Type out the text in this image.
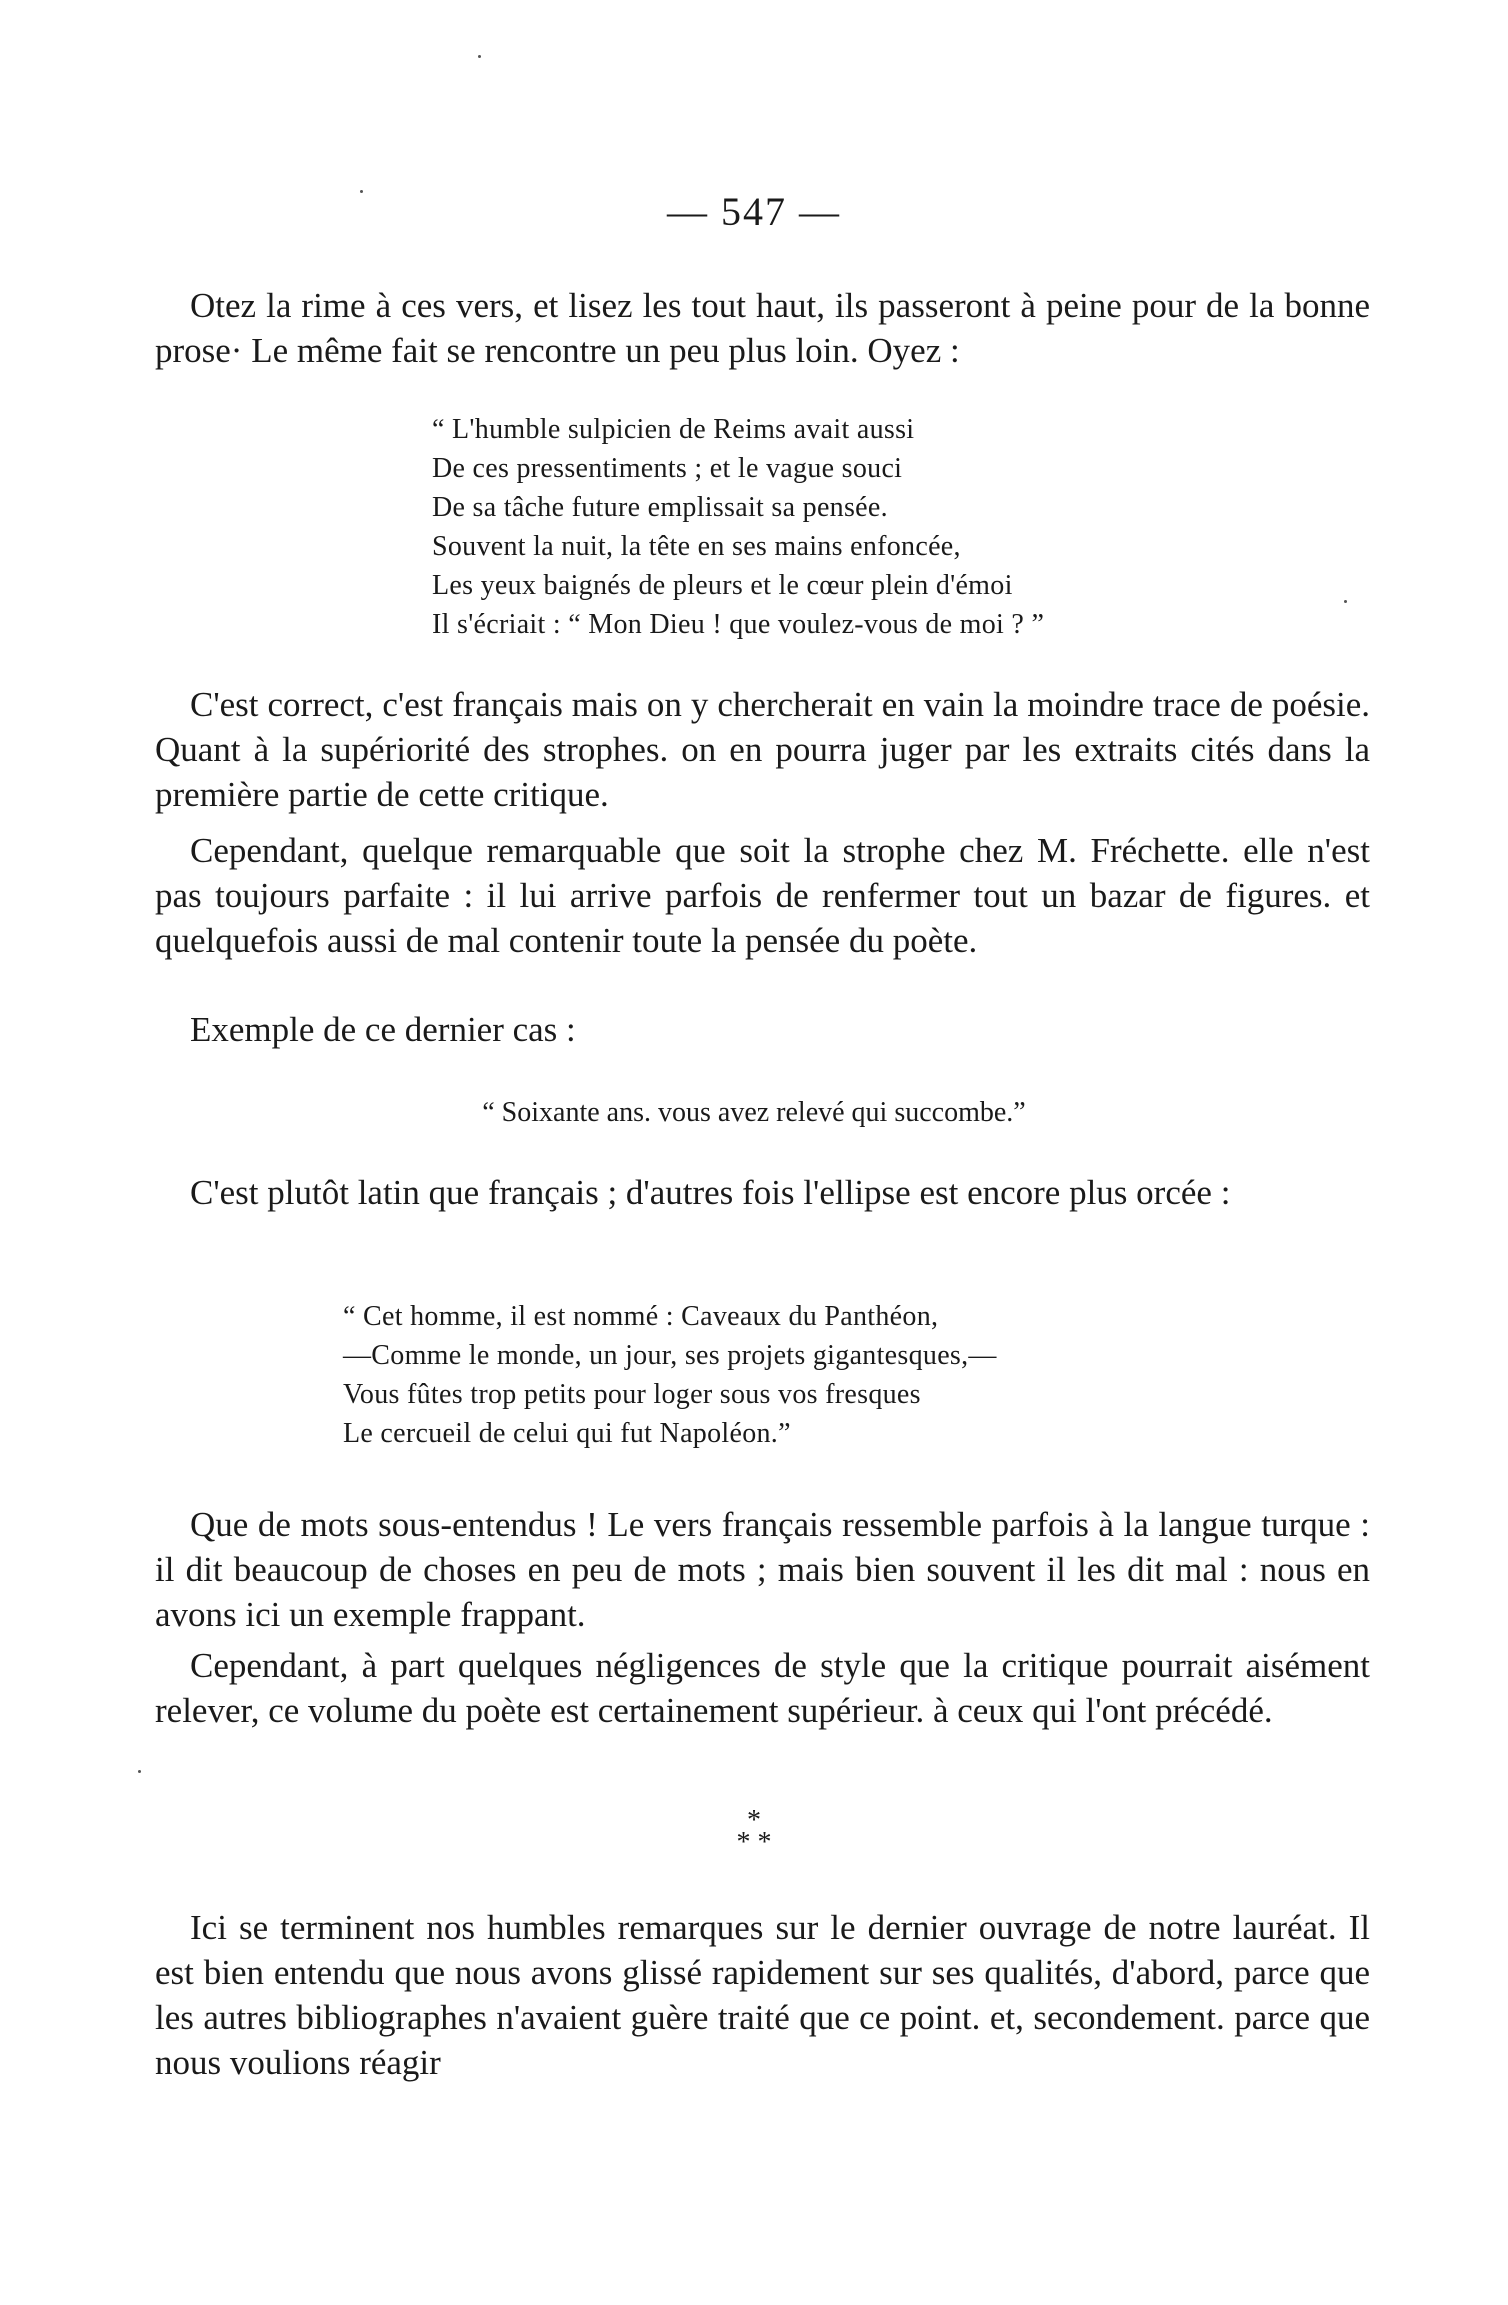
— 547 —

Otez la rime à ces vers, et lisez les tout haut, ils passeront à peine pour de la bonne prose· Le même fait se rencontre un peu plus loin. Oyez :

“ L'humble sulpicien de Reims avait aussi
De ces pressentiments ; et le vague souci
De sa tâche future emplissait sa pensée.
Souvent la nuit, la tête en ses mains enfoncée,
Les yeux baignés de pleurs et le cœur plein d'émoi
Il s'écriait : “ Mon Dieu ! que voulez-vous de moi ? ”

C'est correct, c'est français mais on y chercherait en vain la moindre trace de poésie. Quant à la supériorité des strophes. on en pourra juger par les extraits cités dans la première partie de cette critique.

Cependant, quelque remarquable que soit la strophe chez M. Fréchette. elle n'est pas toujours parfaite : il lui arrive parfois de renfermer tout un bazar de figures. et quelquefois aussi de mal contenir toute la pensée du poète.

Exemple de ce dernier cas :

“ Soixante ans. vous avez relevé qui succombe.”

C'est plutôt latin que français ; d'autres fois l'ellipse est encore plus orcée :

“ Cet homme, il est nommé : Caveaux du Panthéon,
—Comme le monde, un jour, ses projets gigantesques,—
Vous fûtes trop petits pour loger sous vos fresques
Le cercueil de celui qui fut Napoléon.”

Que de mots sous-entendus ! Le vers français ressemble parfois à la langue turque : il dit beaucoup de choses en peu de mots ; mais bien souvent il les dit mal : nous en avons ici un exemple frappant.

Cependant, à part quelques négligences de style que la critique pourrait aisément relever, ce volume du poète est certainement supérieur. à ceux qui l'ont précédé.

*
* *

Ici se terminent nos humbles remarques sur le dernier ouvrage de notre lauréat. Il est bien entendu que nous avons glissé rapidement sur ses qualités, d'abord, parce que les autres bibliographes n'avaient guère traité que ce point. et, secondement. parce que nous voulions réagir
